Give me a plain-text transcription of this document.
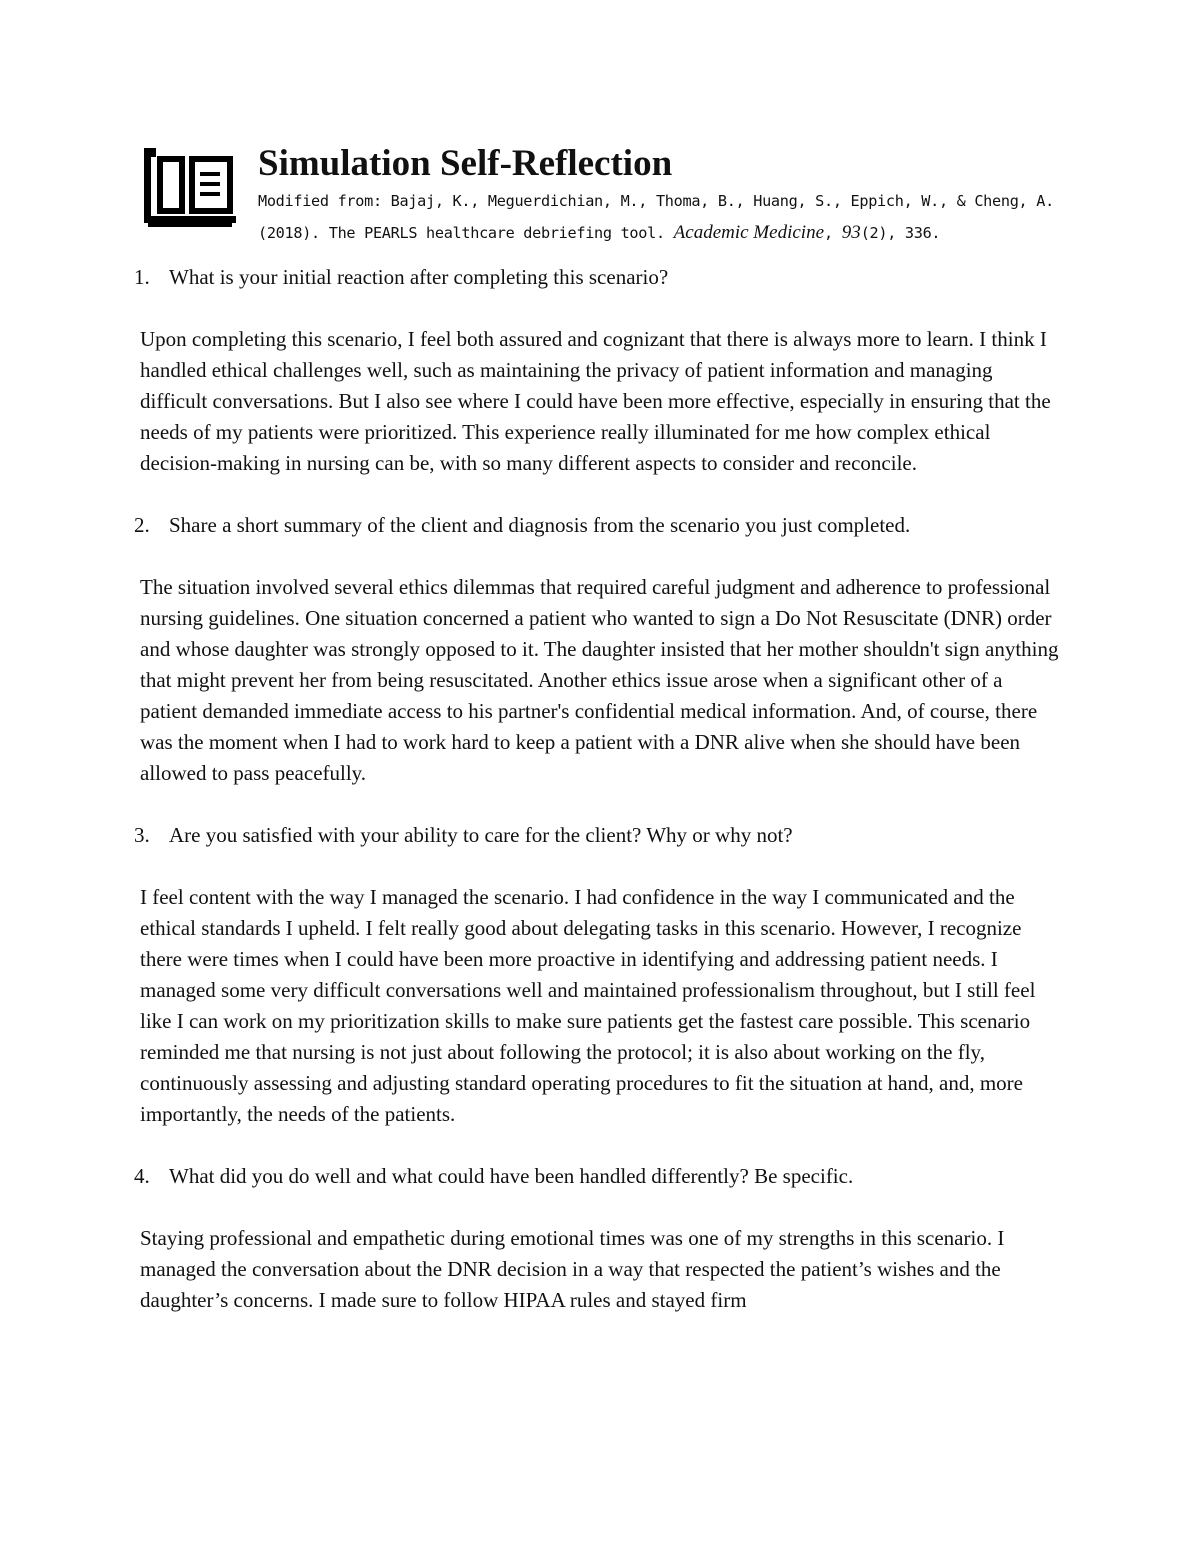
Simulation Self-Reflection
Modified from: Bajaj, K., Meguerdichian, M., Thoma, B., Huang, S., Eppich, W., & Cheng, A. (2018). The PEARLS healthcare debriefing tool. Academic Medicine, 93(2), 336.
1. What is your initial reaction after completing this scenario?

Upon completing this scenario, I feel both assured and cognizant that there is always more to learn. I think I handled ethical challenges well, such as maintaining the privacy of patient information and managing difficult conversations. But I also see where I could have been more effective, especially in ensuring that the needs of my patients were prioritized. This experience really illuminated for me how complex ethical decision-making in nursing can be, with so many different aspects to consider and reconcile.

2. Share a short summary of the client and diagnosis from the scenario you just completed.

The situation involved several ethics dilemmas that required careful judgment and adherence to professional nursing guidelines. One situation concerned a patient who wanted to sign a Do Not Resuscitate (DNR) order and whose daughter was strongly opposed to it. The daughter insisted that her mother shouldn't sign anything that might prevent her from being resuscitated. Another ethics issue arose when a significant other of a patient demanded immediate access to his partner's confidential medical information. And, of course, there was the moment when I had to work hard to keep a patient with a DNR alive when she should have been allowed to pass peacefully.

3. Are you satisfied with your ability to care for the client? Why or why not?

I feel content with the way I managed the scenario. I had confidence in the way I communicated and the ethical standards I upheld. I felt really good about delegating tasks in this scenario. However, I recognize there were times when I could have been more proactive in identifying and addressing patient needs. I managed some very difficult conversations well and maintained professionalism throughout, but I still feel like I can work on my prioritization skills to make sure patients get the fastest care possible. This scenario reminded me that nursing is not just about following the protocol; it is also about working on the fly, continuously assessing and adjusting standard operating procedures to fit the situation at hand, and, more importantly, the needs of the patients.

4. What did you do well and what could have been handled differently? Be specific.

Staying professional and empathetic during emotional times was one of my strengths in this scenario. I managed the conversation about the DNR decision in a way that respected the patient’s wishes and the daughter’s concerns. I made sure to follow HIPAA rules and stayed firm
